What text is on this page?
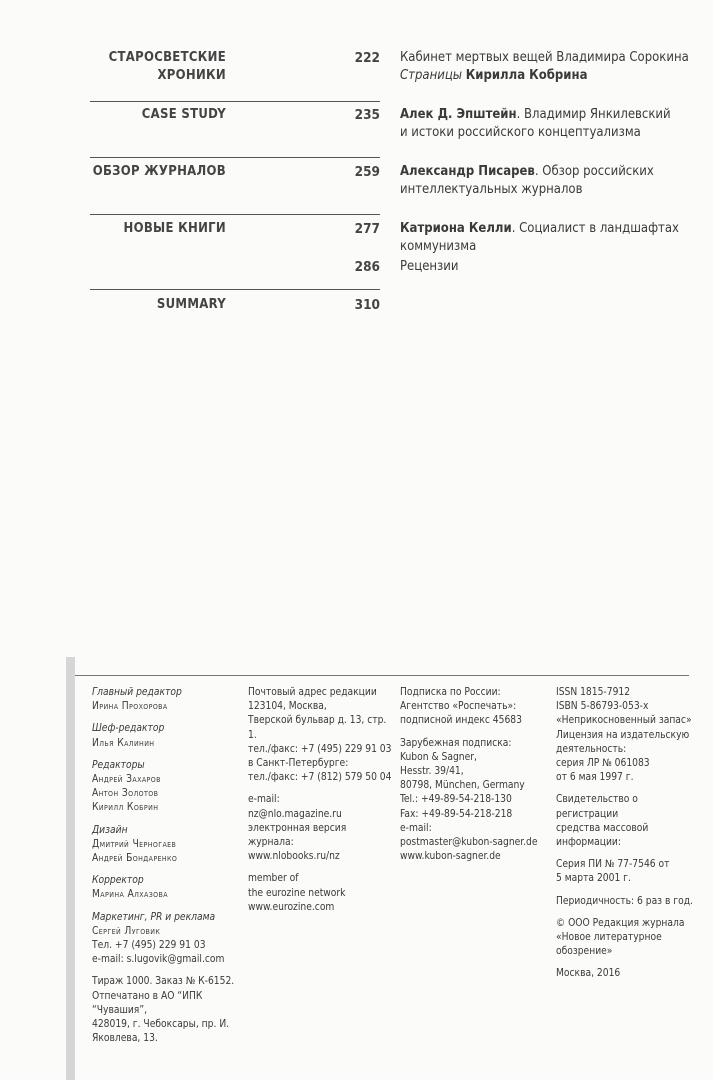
СТАРОСВЕТСКИЕ
ХРОНИКИ
222 Кабинет мертвых вещей Владимира Сорокина
Страницы Кирилла Кобрина
CASE STUDY	235 Алек Д. Эпштейн. Владимир Янкилевский
и истоки российского концептуализма
ОБЗОР ЖУРНАЛОВ	259 Александр Писарев. Обзор российских
интеллектуальных журналов
НОВЫЕ КНИГИ	277 Катриона Келли. Социалист в ландшафтах
коммунизма
286 Рецензии
SUMMARY	310

Главный редактор

Ирина Прохорова

Шеф-редактор

Илья Калинин

Редакторы

Андрей Захаров

Антон Золотов

Кирилл Кобрин

Дизайн

Дмитрий Черногаев

Андрей Бондаренко

Корректор

Марина Алхазова

Маркетинг, PR и реклама

Сергей Луговик

Тел. +7 (495) 229 91 03

e-mail: s.lugovik@gmail.com

Тираж 1000. Заказ № К-6152.

Отпечатано в АО “ИПК “Чувашия”,

428019, г. Чебоксары, пр. И. Яковлева, 13.

Почтовый адрес редакции

123104, Москва,

Тверской бульвар д. 13, стр. 1.

тел./факс: +7 (495) 229 91 03

в Санкт-Петербурге:

тел./факс: +7 (812) 579 50 04

e-mail:

nz@nlo.magazine.ru

электронная версия

журнала:

www.nlobooks.ru/nz

member of

the eurozine network

www.eurozine.com

Подписка по России:

Агентство «Роспечать»:

подписной индекс 45683

Зарубежная подписка:

Kubon & Sagner,

Hesstr. 39/41,

80798, München, Germany

Tel.: +49-89-54-218-130

Fax: +49-89-54-218-218

e-mail:

postmaster@kubon-sagner.de

www.kubon-sagner.de

ISSN 1815-7912

ISBN 5-86793-053-х

«Неприкосновенный запас»

Лицензия на издательскую

деятельность:

серия ЛР № 061083

от 6 мая 1997 г.

Свидетельство о регистрации

средства массовой

информации:

Серия ПИ № 77-7546 от

5 марта 2001 г.

Периодичность: 6 раз в год.

© ООО Редакция журнала

«Новое литературное

обозрение»

Москва, 2016
